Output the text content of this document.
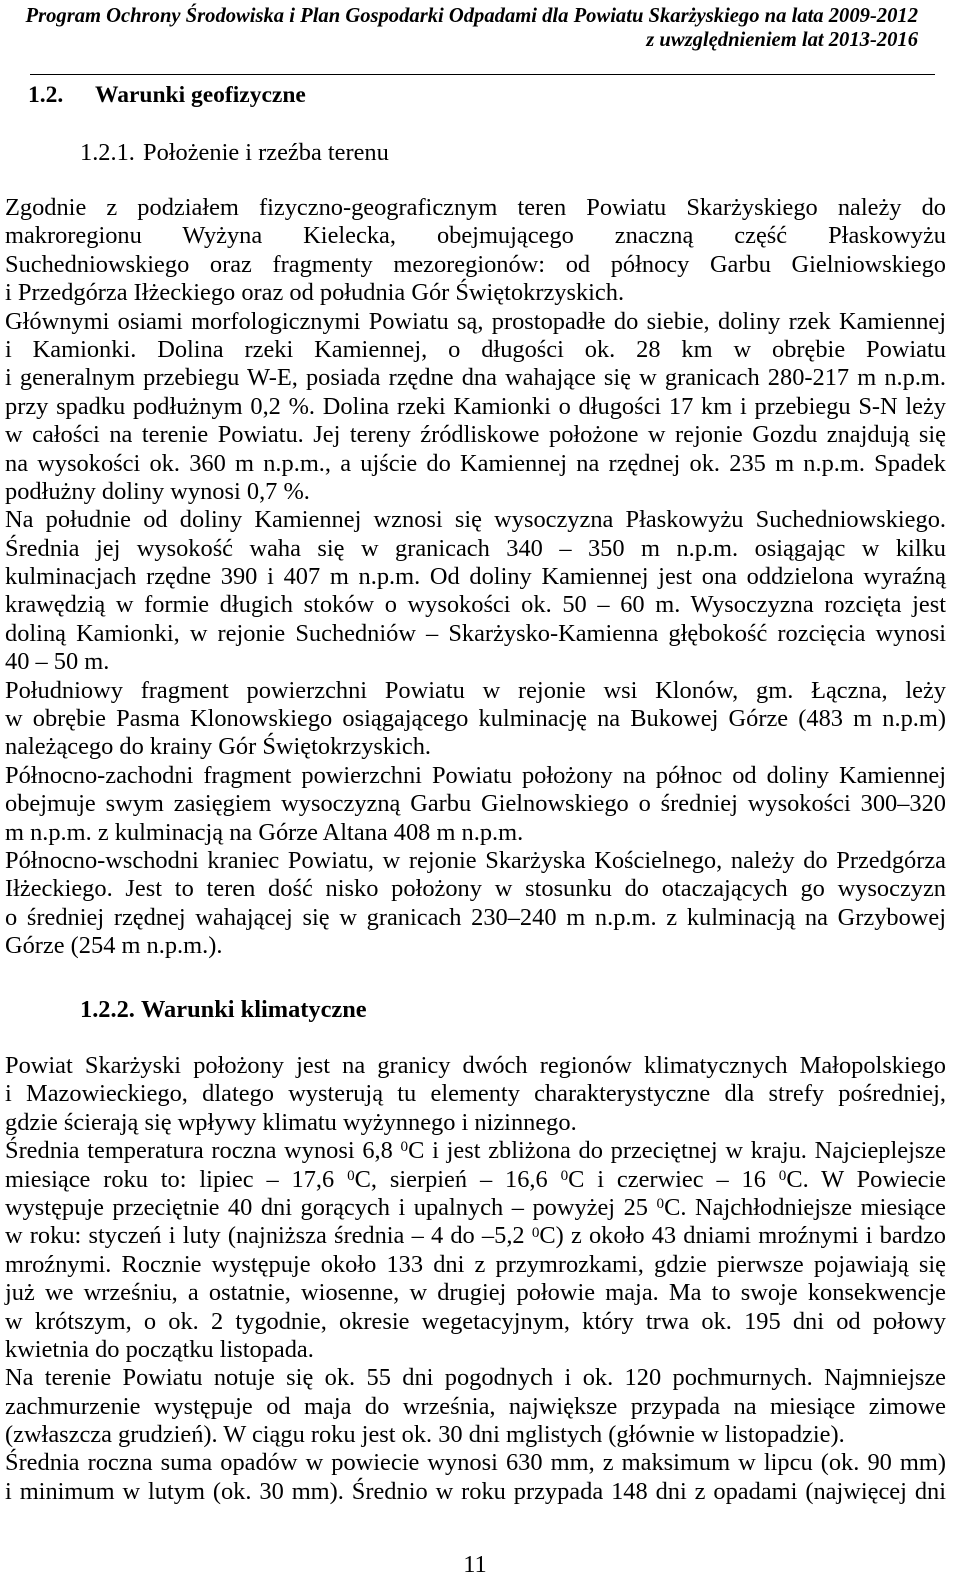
Program Ochrony Środowiska i Plan Gospodarki Odpadami dla Powiatu Skarżyskiego na lata 2009-2012
z uwzględnieniem lat 2013-2016
1.2. Warunki geofizyczne
1.2.1. Położenie i rzeźba terenu
Zgodnie z podziałem fizyczno-geograficznym teren Powiatu Skarżyskiego należy do
makroregionu Wyżyna Kielecka, obejmującego znaczną część Płaskowyżu
Suchedniowskiego oraz fragmenty mezoregionów: od północy Garbu Gielniowskiego
i Przedgórza Iłżeckiego oraz od południa Gór Świętokrzyskich.
Głównymi osiami morfologicznymi Powiatu są, prostopadłe do siebie, doliny rzek Kamiennej
i Kamionki. Dolina rzeki Kamiennej, o długości ok. 28 km w obrębie Powiatu
i generalnym przebiegu W-E, posiada rzędne dna wahające się w granicach 280-217 m n.p.m.
przy spadku podłużnym 0,2 %. Dolina rzeki Kamionki o długości 17 km i przebiegu S-N leży
w całości na terenie Powiatu. Jej tereny źródliskowe położone w rejonie Gozdu znajdują się
na wysokości ok. 360 m n.p.m., a ujście do Kamiennej na rzędnej ok. 235 m n.p.m. Spadek
podłużny doliny wynosi 0,7 %.
Na południe od doliny Kamiennej wznosi się wysoczyzna Płaskowyżu Suchedniowskiego.
Średnia jej wysokość waha się w granicach 340 – 350 m n.p.m. osiągając w kilku
kulminacjach rzędne 390 i 407 m n.p.m. Od doliny Kamiennej jest ona oddzielona wyraźną
krawędzią w formie długich stoków o wysokości ok. 50 – 60 m. Wysoczyzna rozcięta jest
doliną Kamionki, w rejonie Suchedniów – Skarżysko-Kamienna głębokość rozcięcia wynosi
40 – 50 m.
Południowy fragment powierzchni Powiatu w rejonie wsi Klonów, gm. Łączna, leży
w obrębie Pasma Klonowskiego osiągającego kulminację na Bukowej Górze (483 m n.p.m)
należącego do krainy Gór Świętokrzyskich.
Północno-zachodni fragment powierzchni Powiatu położony na północ od doliny Kamiennej
obejmuje swym zasięgiem wysoczyzną Garbu Gielnowskiego o średniej wysokości 300–320
m n.p.m. z kulminacją na Górze Altana 408 m n.p.m.
Północno-wschodni kraniec Powiatu, w rejonie Skarżyska Kościelnego, należy do Przedgórza
Iłżeckiego. Jest to teren dość nisko położony w stosunku do otaczających go wysoczyzn
o średniej rzędnej wahającej się w granicach 230–240 m n.p.m. z kulminacją na Grzybowej
Górze (254 m n.p.m.).
1.2.2. Warunki klimatyczne
Powiat Skarżyski położony jest na granicy dwóch regionów klimatycznych Małopolskiego
i Mazowieckiego, dlatego wysterują tu elementy charakterystyczne dla strefy pośredniej,
gdzie ścierają się wpływy klimatu wyżynnego i nizinnego.
Średnia temperatura roczna wynosi 6,8 $^0$C i jest zbliżona do przeciętnej w kraju. Najcieplejsze
miesiące roku to: lipiec – 17,6 $^0$C, sierpień – 16,6 $^0$C i czerwiec – 16 $^0$C. W Powiecie
występuje przeciętnie 40 dni gorących i upalnych – powyżej 25 $^0$C. Najchłodniejsze miesiące
w roku: styczeń i luty (najniższa średnia – 4 do –5,2 $^0$C) z około 43 dniami mroźnymi i bardzo
mroźnymi. Rocznie występuje około 133 dni z przymrozkami, gdzie pierwsze pojawiają się
już we wrześniu, a ostatnie, wiosenne, w drugiej połowie maja. Ma to swoje konsekwencje
w krótszym, o ok. 2 tygodnie, okresie wegetacyjnym, który trwa ok. 195 dni od połowy
kwietnia do początku listopada.
Na terenie Powiatu notuje się ok. 55 dni pogodnych i ok. 120 pochmurnych. Najmniejsze
zachmurzenie występuje od maja do września, największe przypada na miesiące zimowe
(zwłaszcza grudzień). W ciągu roku jest ok. 30 dni mglistych (głównie w listopadzie).
Średnia roczna suma opadów w powiecie wynosi 630 mm, z maksimum w lipcu (ok. 90 mm)
i minimum w lutym (ok. 30 mm). Średnio w roku przypada 148 dni z opadami (najwięcej dni
11
